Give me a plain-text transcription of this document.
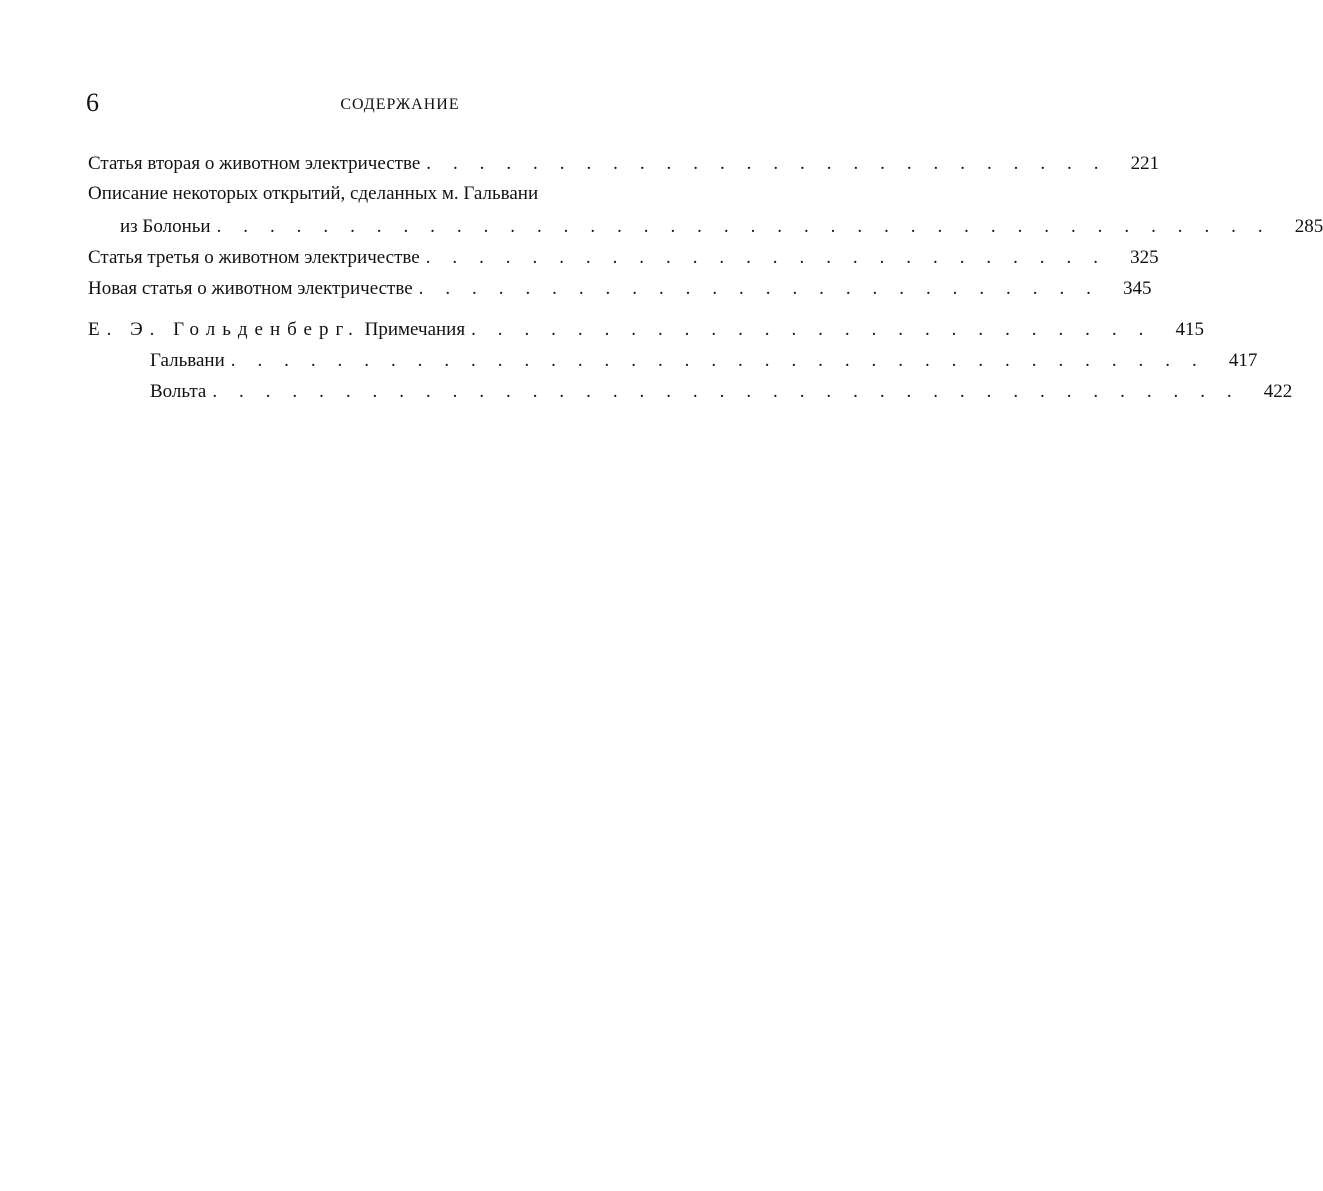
6	СОДЕРЖАНИЕ
Статья вторая о животном электричестве . . . . . . . . . . . . . . . . . . . . . . . . . .	221
Описание некоторых открытий, сделанных м. Гальвани
из Болоньи . . . . . . . . . . . . . . . . . . . . . . . . . . . . . . . . . . . . . . . .	285
Статья третья о животном электричестве . . . . . . . . . . . . . . . . . . . . . . . . . .	325
Новая статья о животном электричестве . . . . . . . . . . . . . . . . . . . . . . . . . .	345
Е. Э. Гольденберг. Примечания . . . . . . . . . . . . . . . . . . . . . . . . . .	415
Гальвани . . . . . . . . . . . . . . . . . . . . . . . . . . . . . . . . . . . . .	417
Вольта . . . . . . . . . . . . . . . . . . . . . . . . . . . . . . . . . . . . . . .	422
